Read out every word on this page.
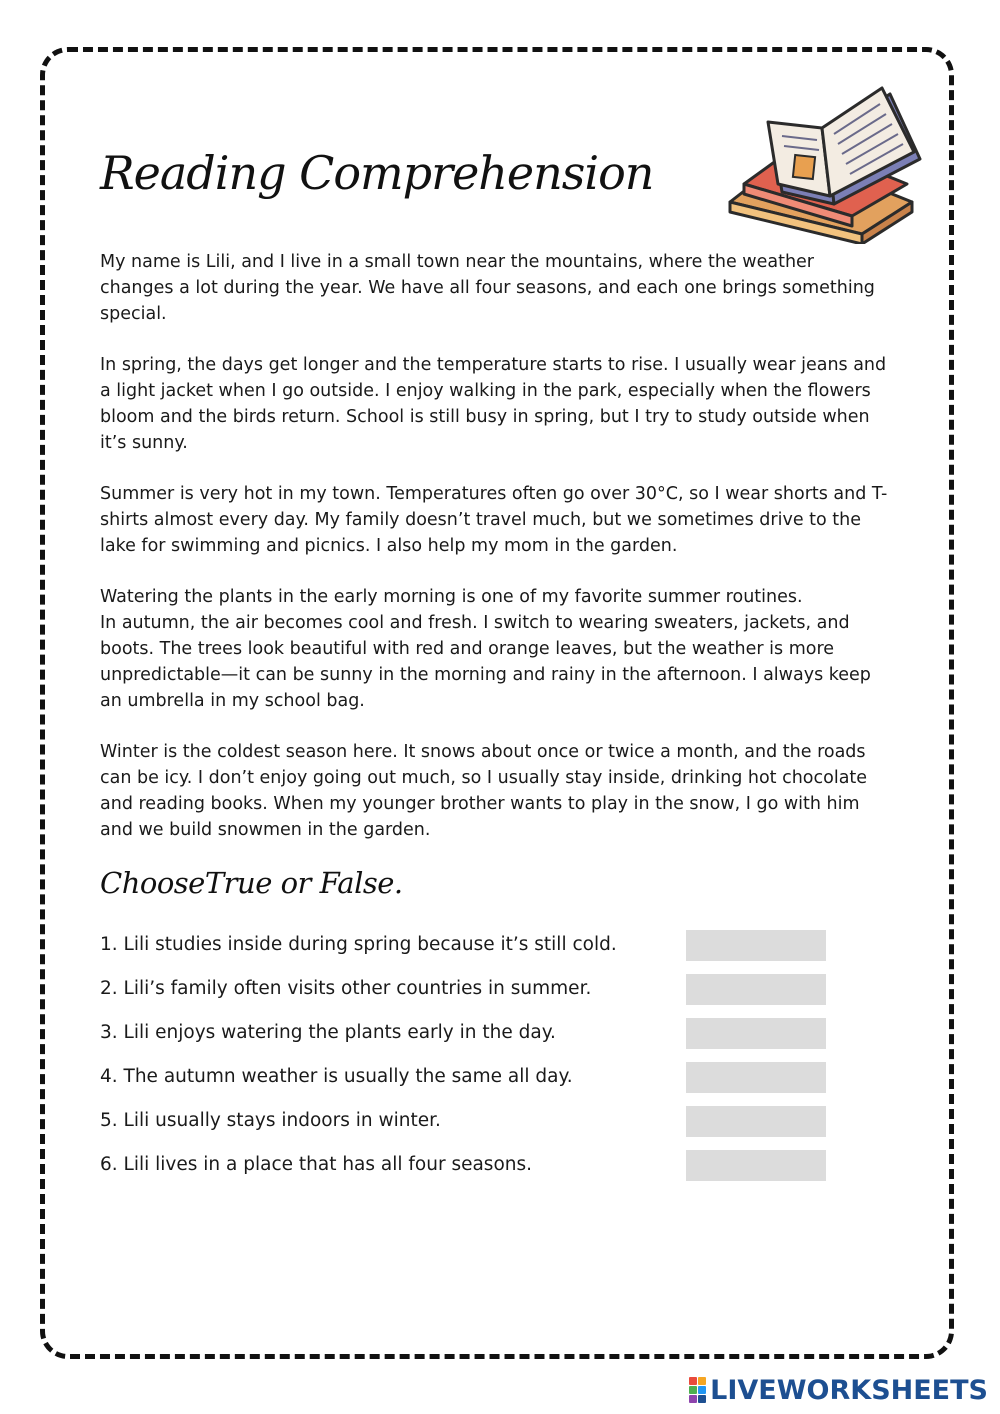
Reading Comprehension

My name is Lili, and I live in a small town near the mountains, where the weather changes a lot during the year. We have all four seasons, and each one brings something special.

In spring, the days get longer and the temperature starts to rise. I usually wear jeans and a light jacket when I go outside. I enjoy walking in the park, especially when the flowers bloom and the birds return. School is still busy in spring, but I try to study outside when it’s sunny.

Summer is very hot in my town. Temperatures often go over 30°C, so I wear shorts and T-shirts almost every day. My family doesn’t travel much, but we sometimes drive to the lake for swimming and picnics. I also help my mom in the garden.

Watering the plants in the early morning is one of my favorite summer routines.

In autumn, the air becomes cool and fresh. I switch to wearing sweaters, jackets, and boots. The trees look beautiful with red and orange leaves, but the weather is more unpredictable—it can be sunny in the morning and rainy in the afternoon. I always keep an umbrella in my school bag.

Winter is the coldest season here. It snows about once or twice a month, and the roads can be icy. I don’t enjoy going out much, so I usually stay inside, drinking hot chocolate and reading books. When my younger brother wants to play in the snow, I go with him and we build snowmen in the garden.

ChooseTrue or False.
1. Lili studies inside during spring because it’s still cold.
2. Lili’s family often visits other countries in summer.
3. Lili enjoys watering the plants early in the day.
4. The autumn weather is usually the same all day.
5. Lili usually stays indoors in winter.
6. Lili lives in a place that has all four seasons.
LIVEWORKSHEETS
